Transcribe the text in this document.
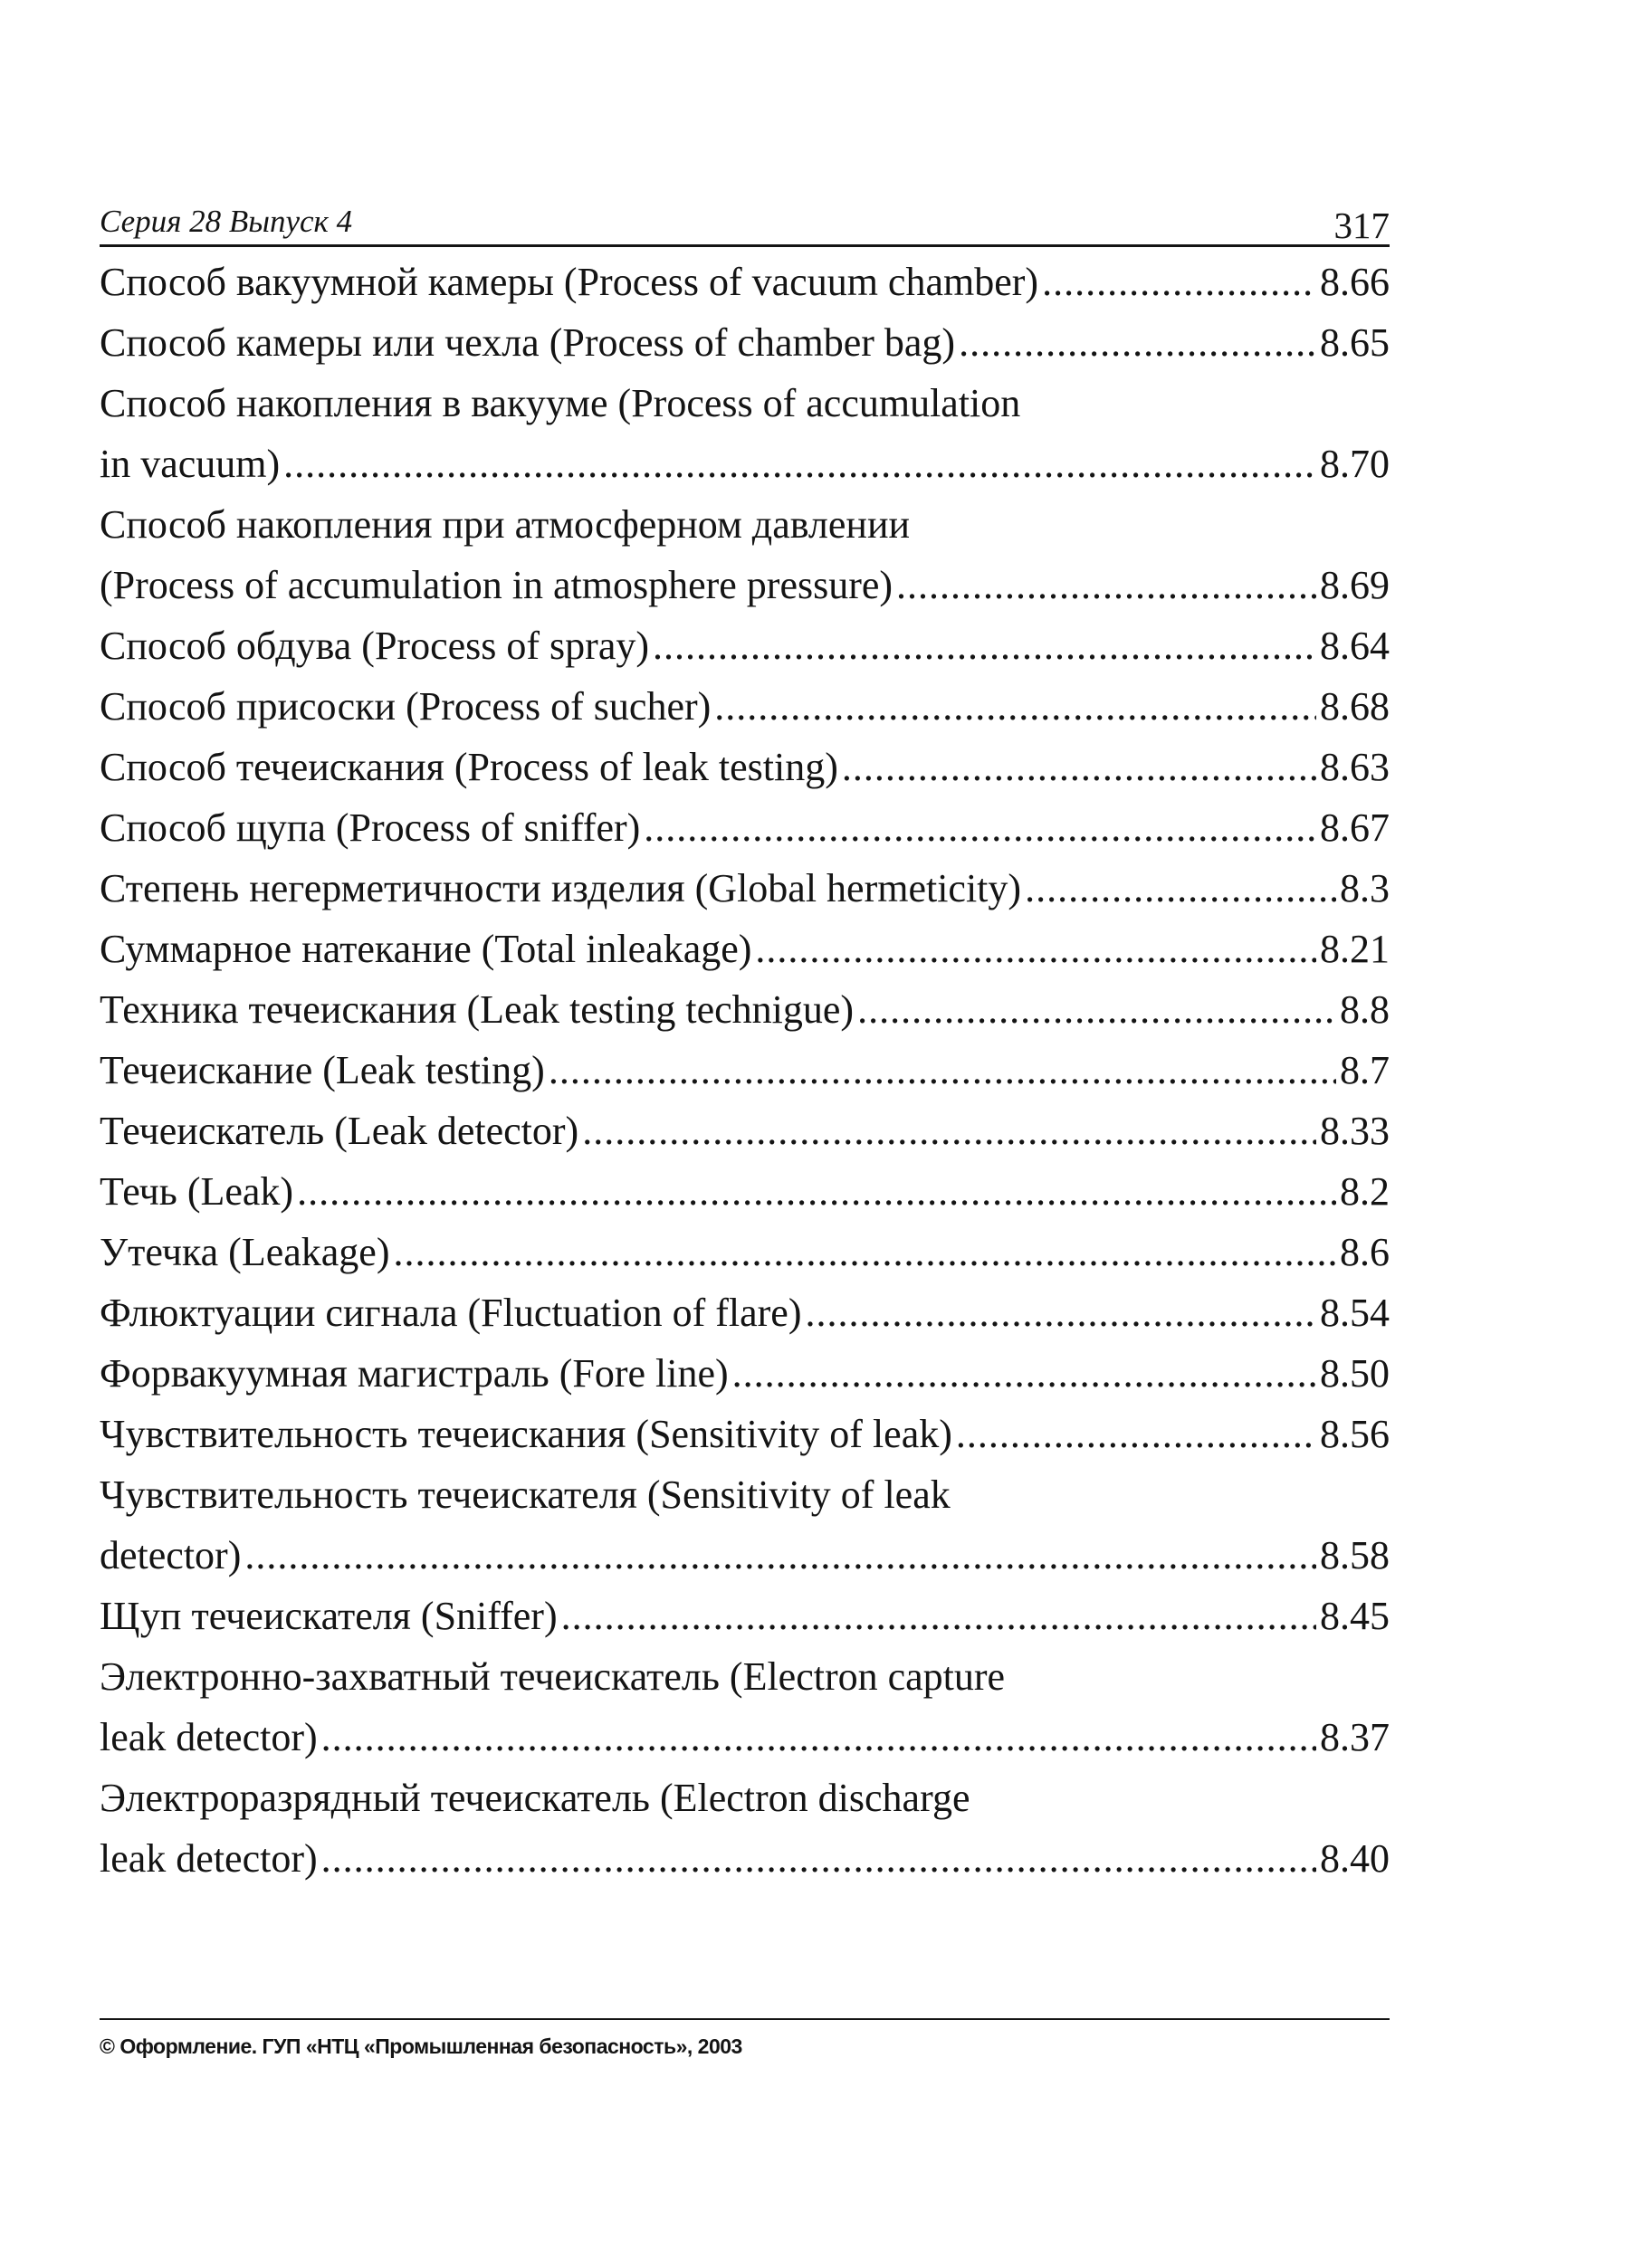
Серия 28 Выпуск 4	317
Способ вакуумной камеры (Process of vacuum chamber) .....	8.66
Способ камеры или чехла (Process of chamber bag) .....	8.65
Способ накопления в вакууме (Process of accumulation
in vacuum) .....	8.70
Способ накопления при атмосферном давлении
(Process of accumulation in atmosphere pressure) .....	8.69
Способ обдува (Process of spray) .....	8.64
Способ присоски (Process of sucher) .....	8.68
Способ течеискания (Process of leak testing) .....	8.63
Способ щупа (Process of sniffer) .....	8.67
Степень негерметичности изделия (Global hermeticity) .....	8.3
Суммарное натекание (Total inleakage) .....	8.21
Техника течеискания (Leak testing technigue) .....	8.8
Течеискание (Leak testing) .....	8.7
Течеискатель (Leak detector) .....	8.33
Течь (Leak) .....	8.2
Утечка (Leakage) .....	8.6
Флюктуации сигнала (Fluctuation of flare) .....	8.54
Форвакуумная магистраль (Fore line) .....	8.50
Чувствительность течеискания (Sensitivity of leak) .....	8.56
Чувствительность течеискателя (Sensitivity of leak
detector) .....	8.58
Щуп течеискателя (Sniffer) .....	8.45
Электронно-захватный течеискатель (Electron capture
leak detector) .....	8.37
Электроразрядный течеискатель (Electron discharge
leak detector) .....	8.40
© Оформление. ГУП «НТЦ «Промышленная безопасность», 2003
